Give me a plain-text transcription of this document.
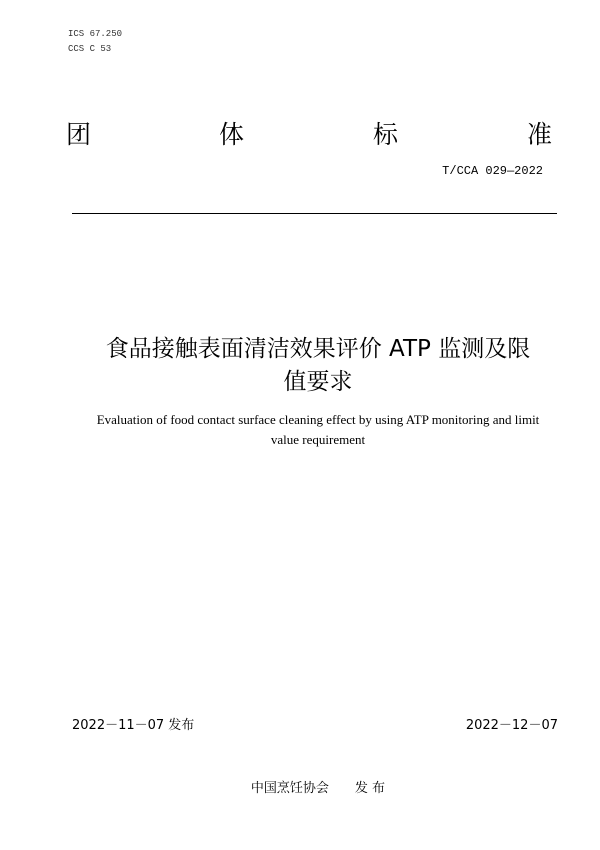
ICS 67.250
CCS C 53
团	体	标	准
T/CCA 029—2022
食品接触表面清洁效果评价 ATP 监测及限
值要求
Evaluation of food contact surface cleaning effect by using ATP monitoring and limit
value requirement
2022－11－07 发布	2022－12－07
中国烹饪协会　　发 布
